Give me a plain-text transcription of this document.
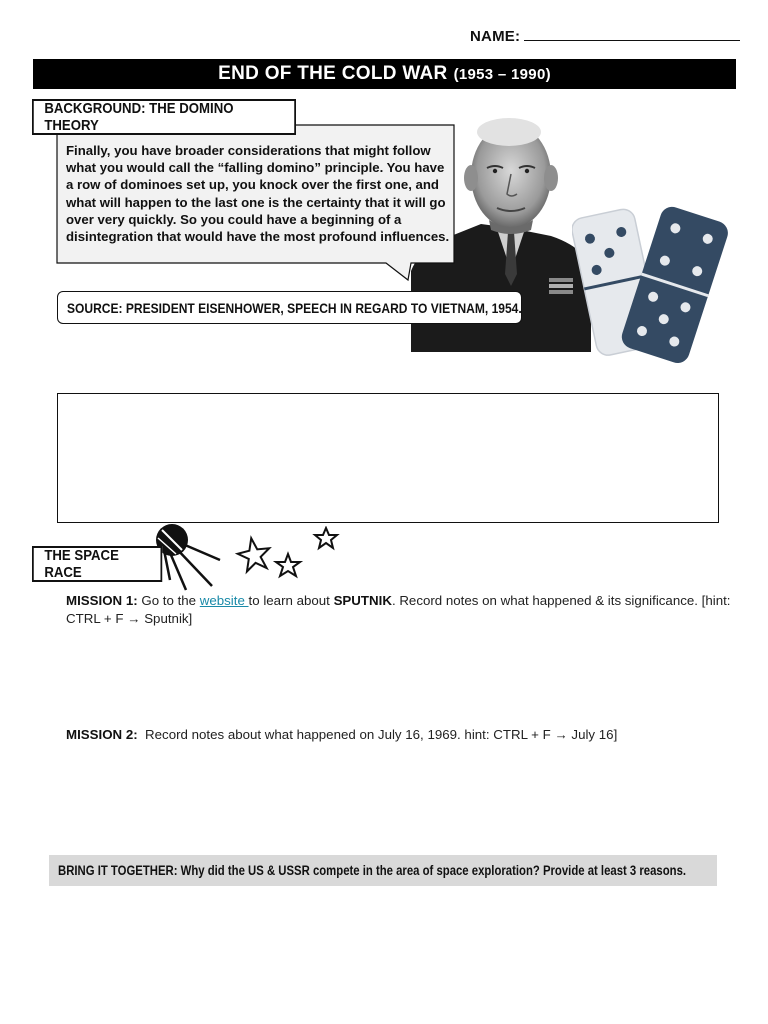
NAME:
END OF THE COLD WAR (1953 – 1990)
Finally, you have broader considerations that might follow what you would call the “falling domino” principle. You have a row of dominoes set up, you knock over the first one, and what will happen to the last one is the certainty that it will go over very quickly. So you could have a beginning of a disintegration that would have the most profound influences.
BACKGROUND: THE DOMINO THEORY
SOURCE: PRESIDENT EISENHOWER, SPEECH IN REGARD TO VIETNAM, 1954.
THE SPACE RACE
MISSION 1: Go to the website to learn about SPUTNIK. Record notes on what happened & its significance. [hint: CTRL + F → Sputnik]
MISSION 2:  Record notes about what happened on July 16, 1969. hint: CTRL + F → July 16]
BRING IT TOGETHER: Why did the US & USSR compete in the area of space exploration? Provide at least 3 reasons.
